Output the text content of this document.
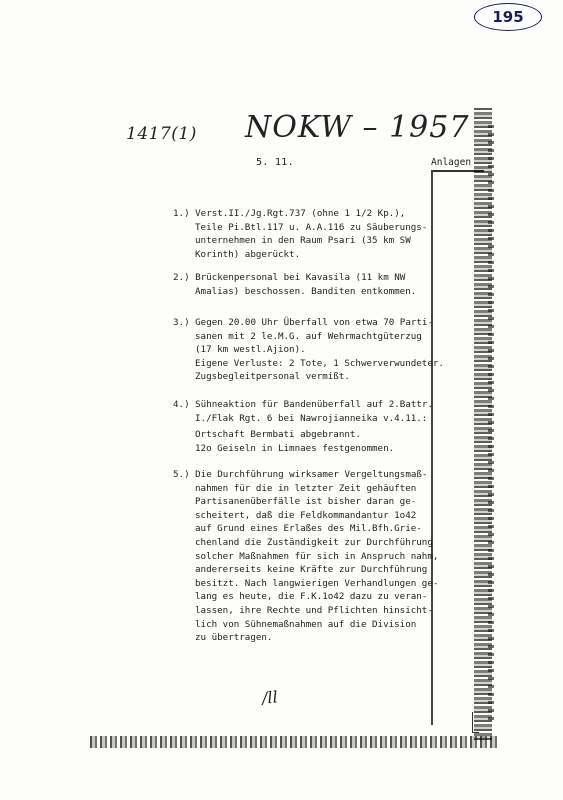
195
1417(1) NOKW – 1957
5. 11.	Anlagen
1.) Verst.II./Jg.Rgt.737 (ohne 1 1/2 Kp.),
Teile Pi.Btl.117 u. A.A.116 zu Säuberungs-
unternehmen in den Raum Psari (35 km SW
Korinth) abgerückt.
2.) Brückenpersonal bei Kavasila (11 km NW
Amalias) beschossen. Banditen entkommen.
3.) Gegen 20.00 Uhr Überfall von etwa 70 Parti-
sanen mit 2 le.M.G. auf Wehrmachtgüterzug
(17 km westl.Ajion).
Eigene Verluste: 2 Tote, 1 Schwerverwundeter.
Zugsbegleitpersonal vermißt.
4.) Sühneaktion für Bandenüberfall auf 2.Battr.
I./Flak Rgt. 6 bei Nawrojianneika v.4.11.:
Ortschaft Bermbati abgebrannt.
12o Geiseln in Limnaes festgenommen.
5.) Die Durchführung wirksamer Vergeltungsmaß-
nahmen für die in letzter Zeit gehäuften
Partisanenüberfälle ist bisher daran ge-
scheitert, daß die Feldkommandantur 1o42
auf Grund eines Erlaßes des Mil.Bfh.Grie-
chenland die Zuständigkeit zur Durchführung
solcher Maßnahmen für sich in Anspruch nahm,
andererseits keine Kräfte zur Durchführung
besitzt. Nach langwierigen Verhandlungen ge-
lang es heute, die F.K.1o42 dazu zu veran-
lassen, ihre Rechte und Pflichten hinsicht-
lich von Sühnemaßnahmen auf die Division
zu übertragen.
/ll
